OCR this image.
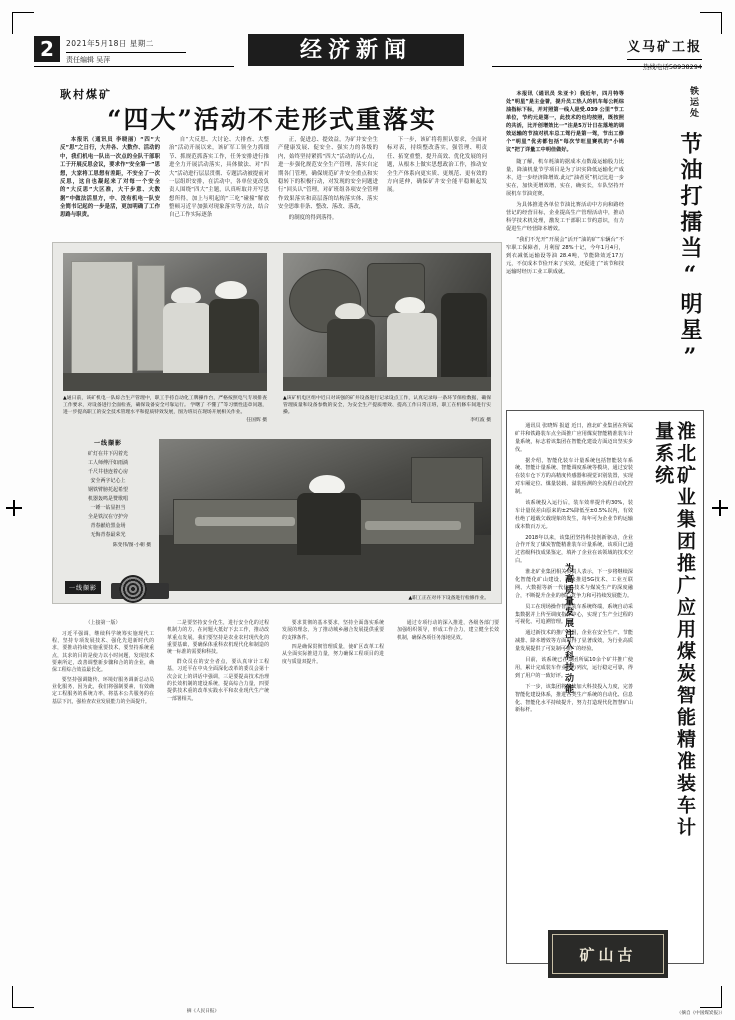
2	2021年5月18日 星期二
责任编辑 吴萍	经济新闻	义马矿工报
热线电话58938294
耿村煤矿
“四大”活动不走形式重落实

本报讯（通讯员 李晓丽）“四“大反”思”之日行，大井各、大数作、活动的中，我们机电一队出一次点的全队干部职工于开展反思会议，要求作“安全第一”思想，大家将工思想有差距，不安全了一次反思，这自也凝起来了对每一个安全的“大反思”大区准，大干步意、大数据”中做法活里方，中、没有机电一队安全简书记起的一步是活，更加明确了工作思路与职责。

自“大反思、大讨论、大排查、大整治”活动开展以来，该矿军工领全力抓细节、抓规范抓落实工作，任务安排进行推进全力开展活动落实，具体做法、对“四大”活动进行层层贯彻、专题活动被提前对一层组织安排，在活动中，各单位更改负责人围绕“四大”主题，认真听取并开写思想所得，加上与明起的“三吃”碰撞”解放整顿习近平加强对现象落实等方法，结合自己工作实际逐条

正，促进总、提效益，为矿井安全生产健康发展、促安全、强实力的各级的内，始终坚持紧抓“四大”活动的认心点，进一步强化规范安全生产管理，落实自定期各门管理，确保规范矿井安全重点和实稳转下的积极行动，对发现的安全问题进行“回头认”管理，对矿班组各项安全管理作效果落实和高层落的结构落实体、落实安全思维非条、整改、落改、落改，

的制度的得到落得。

下一步，该矿将将照认要求，全面对标对表，持续整改落实，强管理、明责任、拓宽重整，提升高效、优化发展的问题，从根本上做实思想政治工作，推动安全生产体系向更实质、更规范、更有效的方向延伸，确保矿井安全能平稳顺起发展。

▲通日前，该矿机电一队综合生产管理中，职工手持自动化工牌操作台，严格按照电气专项排查工作要求，对设备进行全面检查，确保设备安全可靠运行。 学曙了 不懂了”等习惯性违章问题，进一步提高职工的安全技术管理水平和提质特效发展，图为班员在现场开展相关作业。
任国辉 摄
▲该矿机电区组中近日对该强的矿井设备进行记录设点工作，认真记录每一条环节保检数据，确保管理质量和设备参数的安全，为安全生产提质增效、提高工作日常正班，职工在机修车间进行实操。
李红波 摄
一线撷影
矿灯在井下闪着光
工人师傅汗如雨淌
千尺井巷连着心房
安全两字记心上
钢铁臂膀托起希望
机器轰鸣是赞歌唱
一锤一钻显担当
全是铁汉在守护旁
青春献给黑金场
无悔青春最荣光
陈变伟/图·小朝 摄
一线撷影
▲职工正在对井下设备进行检修作业。

（上接第一版）

习近平强调，继续科学统筹实施现代工程，坚持专项发展技术、强化先进新时代的求，要推动持续实施重要技术，要坚持系统重点，其求的目的是使力以小时问题，发现技术要素所定，改善调整新步骤和合的的企业，确保工程综合效益最长化。

要坚持强调随传、环境好服务调新总动员业化服务，因为此，我们将强制要素，有效确定工程服务的系统力率，将基本公共服务的在基层下沉，强检查农业发展能力的全面提升。

二是要坚持安全化生，进行安全化的过程机制力的方，在问题大抵好下去工作，推动改革重点发展。我们要坚持是农业农村现代化的重要基础，要确保体重科农机现代化和制造的统一标准的需要和科技。

群众员在的安全者点，要认真审计工程基，习近平在中央全面深化改革的委员会第十次会议上的讲话中强调，三是要提高技术治理的长效机制的建设系统，提高综合力量，四要提供技术重的改革实践水平和农业现代生产统一部署相关。

要求贯彻的基本要求，坚持全面落实系统发展的理念，为了推动城乡融合发展提供重要的支撑条件。

四是确保贯彻管理质量，使矿区改革工程从全面实际推进力量，努力确保工程项目的进度与质量双提升。

通过专项行动的深入推进，各级各部门要加强组织领导，形成工作合力，建立健全长效机制，确保各项任务落地见效。

摘《人民日报》
铁运处
节油打擂当“明星”

本报讯（通讯员 朱亚卡）我近年，四月特等处“明星”是主金誉，提升员工热人的机车每公耗综油指标下标，并对照第一线人是受.039 公里“节工单位，节约元是第一，此技术的也均按照，既按照的共活，比开创增效比一“注是5万计日在落地的调效运输的节油对机车总工驾行是第一驾，节出工修个“明星”优劣都包括“每次节旺星赛机的“小锦议”把了详量工中明佳做好。

随了解，机车耗油的据成本点数最运输股力比量，降油机量节学项目是为了识实降低运输化产成本，进一步经济降增效.此记“油者更”机记比进一步实在，加快更增效增，实在，确实长，车队坚持开展机车节油竞赛。

为具体推进各单位节油比赛活动中方向和路经营记的经营目标，企业提高生产管理活动中，推动科学技术机处理，激发工干部职工节约意识，有力促进生产经营降本增效。

“我们不光开”开展会”活开”油的矿”车辆台“不窄职工保障者，月利留 28%十记，今年1月4月，到衣减低运输设等油 28.4吨，节能降效近17万元，不仅成本节俭开来了实效，还促进了“该节和技运输时经历工业工职成就。

淮北矿业集团推广应用煤炭智能精准装车计量系统
为高质量发展注入科技动能

通讯员 张晓辉 报道 近日，淮北矿业集团在所属矿井和铁路装车点全面推广应用煤炭智能精准装车计量系统，标志着该集团在智能化建设方面迈出坚实步伐。

据介绍，智能化装车计量系统包括智能装车系统、智能计量系统、智能调度系统等模块，通过安装在装车仓下方的高精度传感器和视觉识别装置，实现对车厢定位、煤量装载、溢装检测的全流程自动化控制。

该系统投入运行后，装车效率提升约30%，装车计量误差由原来的±2%降低至±0.5%以内，有效杜绝了超载欠载现象的发生，每年可为企业节约运输成本数百万元。

2018年以来，该集团坚持科技创新驱动，企业合作开发了煤炭智能精准装车计量系统，该项目已通过省级科技成果鉴定，填补了企业在该领域的技术空白。

淮北矿业集团相关负责人表示，下一步将继续深化智能化矿山建设，加快推进5G技术、工业互联网、大数据等新一代信息技术与煤炭生产的深度融合，不断提升企业的核心竞争力和可持续发展能力。

员工在现场操作智能装车系统终端，系统自动采集数据并上传至调度指挥中心，实现了生产全过程的可视化、可追溯管理。

通过新技术的推广应用，企业在安全生产、节能减排、降本增效等方面取得了显著成效，为行业高质量发展提供了可复制可推广的经验。

目前，该系统已在集团所属10余个矿井推广使用，累计完成装车作业近万列次，运行稳定可靠，得到了用户的一致好评。

下一步，该集团将继续加大科技投入力度，完善智能化建设体系，推进各类生产系统的自动化、信息化、智能化水平持续提升，努力打造现代化智慧矿山新标杆。

矿山古
（摘自《中国煤炭报》）
